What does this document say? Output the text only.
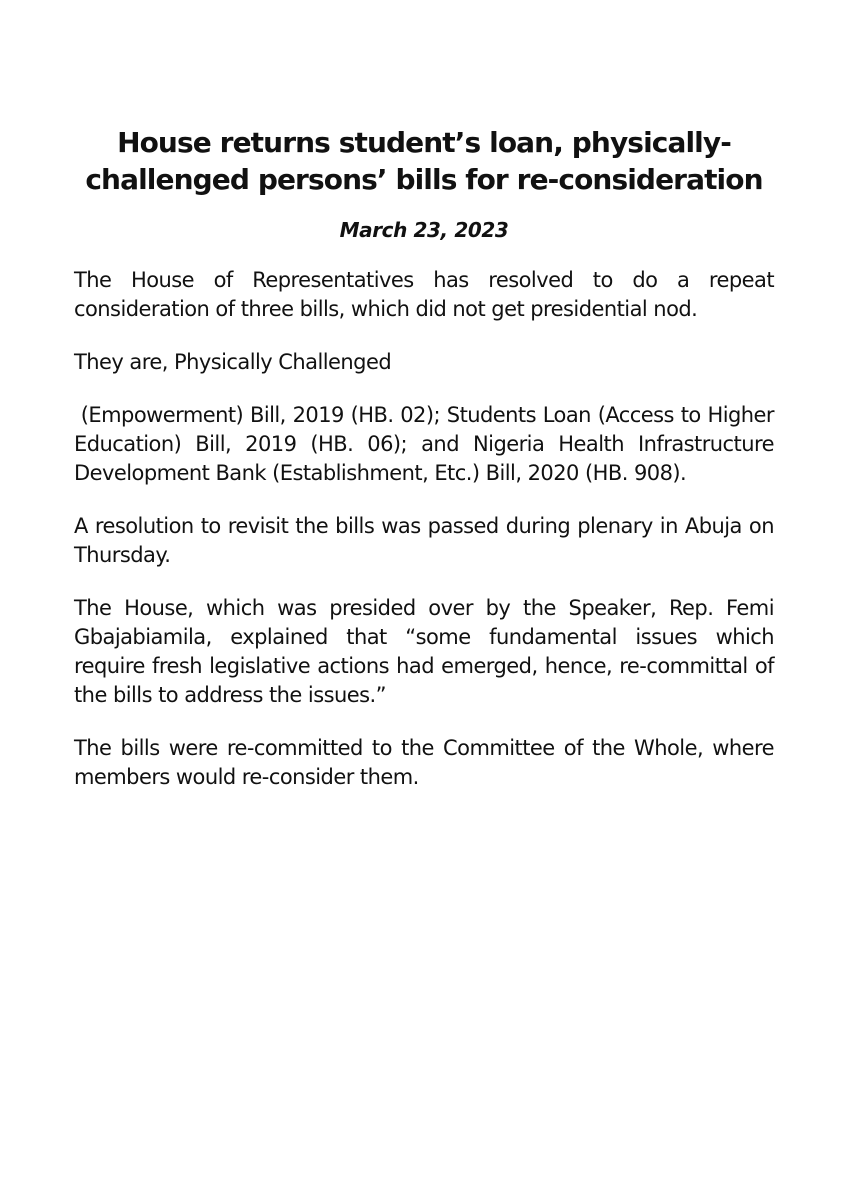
House returns student’s loan, physically-
challenged persons’ bills for re-consideration
March 23, 2023

The House of Representatives has resolved to do a repeat consideration of three bills, which did not get presidential nod.

They are, Physically Challenged

(Empowerment) Bill, 2019 (HB. 02); Students Loan (Access to Higher Education) Bill, 2019 (HB. 06); and Nigeria Health Infrastructure Development Bank (Establishment, Etc.) Bill, 2020 (HB. 908).

A resolution to revisit the bills was passed during plenary in Abuja on Thursday.

The House, which was presided over by the Speaker, Rep. Femi Gbajabiamila, explained that “some fundamental issues which require fresh legislative actions had emerged, hence, re-committal of the bills to address the issues.”

The bills were re-committed to the Committee of the Whole, where members would re-consider them.
